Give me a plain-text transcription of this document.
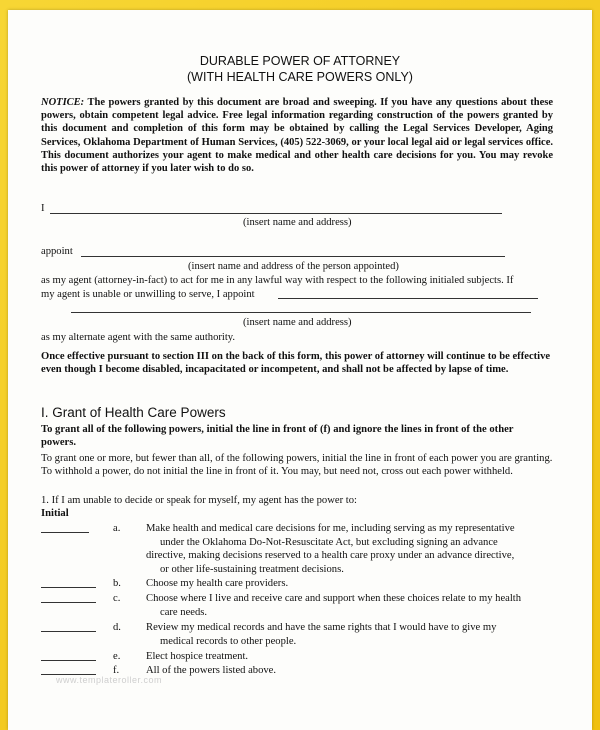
DURABLE POWER OF ATTORNEY
(WITH HEALTH CARE POWERS ONLY)
NOTICE: The powers granted by this document are broad and sweeping. If you have any questions about these powers, obtain competent legal advice. Free legal information regarding construction of the powers granted by this document and completion of this form may be obtained by calling the Legal Services Developer, Aging Services, Oklahoma Department of Human Services, (405) 522-3069, or your local legal aid or legal services office. This document authorizes your agent to make medical and other health care decisions for you. You may revoke this power of attorney if you later wish to do so.
I
(insert name and address)
appoint
(insert name and address of the person appointed)
as my agent (attorney-in-fact) to act for me in any lawful way with respect to the following initialed subjects. If
my agent is unable or unwilling to serve, I appoint
(insert name and address)
as my alternate agent with the same authority.
Once effective pursuant to section III on the back of this form, this power of attorney will continue to be effective even though I become disabled, incapacitated or incompetent, and shall not be affected by lapse of time.
I. Grant of Health Care Powers
To grant all of the following powers, initial the line in front of (f) and ignore the lines in front of the other powers.
To grant one or more, but fewer than all, of the following powers, initial the line in front of each power you are granting. To withhold a power, do not initial the line in front of it. You may, but need not, cross out each power withheld.
1. If I am unable to decide or speak for myself, my agent has the power to:
Initial
a. Make health and medical care decisions for me, including serving as my representative
under the Oklahoma Do-Not-Resuscitate Act, but excluding signing an advance
directive, making decisions reserved to a health care proxy under an advance directive,
or other life-sustaining treatment decisions.
b. Choose my health care providers.
c. Choose where I live and receive care and support when these choices relate to my health
care needs.
d. Review my medical records and have the same rights that I would have to give my
medical records to other people.
e. Elect hospice treatment.
f.	All of the powers listed above.
www.templateroller.com
